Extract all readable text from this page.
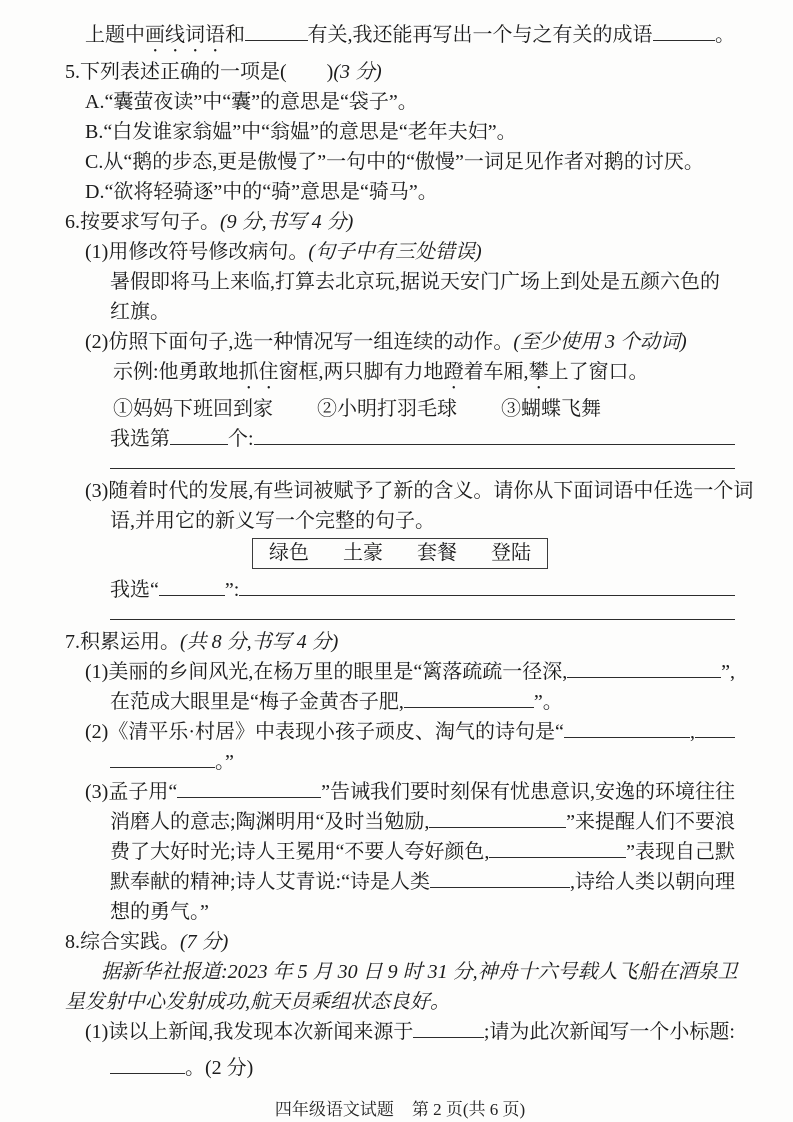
上题中 画线词语 和	有关,我还能再写出一个与之有关的成语	。
5.下列表述正确的一项是(　　)(3 分)
A.“囊萤夜读”中“囊”的意思是“袋子”。
B.“白发谁家翁媪”中“翁媪”的意思是“老年夫妇”。
C.从“鹅的步态,更是傲慢了”一句中的“傲慢”一词足见作者对鹅的讨厌。
D.“欲将轻骑逐”中的“骑”意思是“骑马”。
6.按要求写句子。(9 分,书写 4 分)
(1)用修改符号修改病句。(句子中有三处错误)
暑假即将马上来临,打算去北京玩,据说天安门广场上到处是五颜六色的
红旗。
(2)仿照下面句子,选一种情况写一组连续的动作。(至少使用 3 个动词)
示例:他勇敢地抓住窗框,两只脚有力地蹬着车厢,攀上了窗口。
①妈妈下班回到家 ②小明打羽毛球 ③蝴蝶飞舞
我选第	个:
(3)随着时代的发展,有些词被赋予了新的含义。请你从下面词语中任选一个词
语,并用它的新义写一个完整的句子。
绿色 土豪 套餐 登陆
我选“	”:
7.积累运用。(共 8 分,书写 4 分)
(1)美丽的乡间风光,在杨万里的眼里是“篱落疏疏一径深,	”,
在范成大眼里是“梅子金黄杏子肥,	”。
(2)《清平乐·村居》中表现小孩子顽皮、淘气的诗句是“	,
。”
(3)孟子用“	”告诫我们要时刻保有忧患意识,安逸的环境往往
消磨人的意志;陶渊明用“及时当勉励,	”来提醒人们不要浪
费了大好时光;诗人王冕用“不要人夸好颜色,	”表现自己默
默奉献的精神;诗人艾青说:“诗是人类	,诗给人类以朝向理
想的勇气。”
8.综合实践。(7 分)
据新华社报道:2023 年 5 月 30 日 9 时 31 分,神舟十六号载人飞船在酒泉卫
星发射中心发射成功,航天员乘组状态良好。
(1)读以上新闻,我发现本次新闻来源于	;请为此次新闻写一个小标题:
。(2 分)
四年级语文试题 第 2 页(共 6 页)
